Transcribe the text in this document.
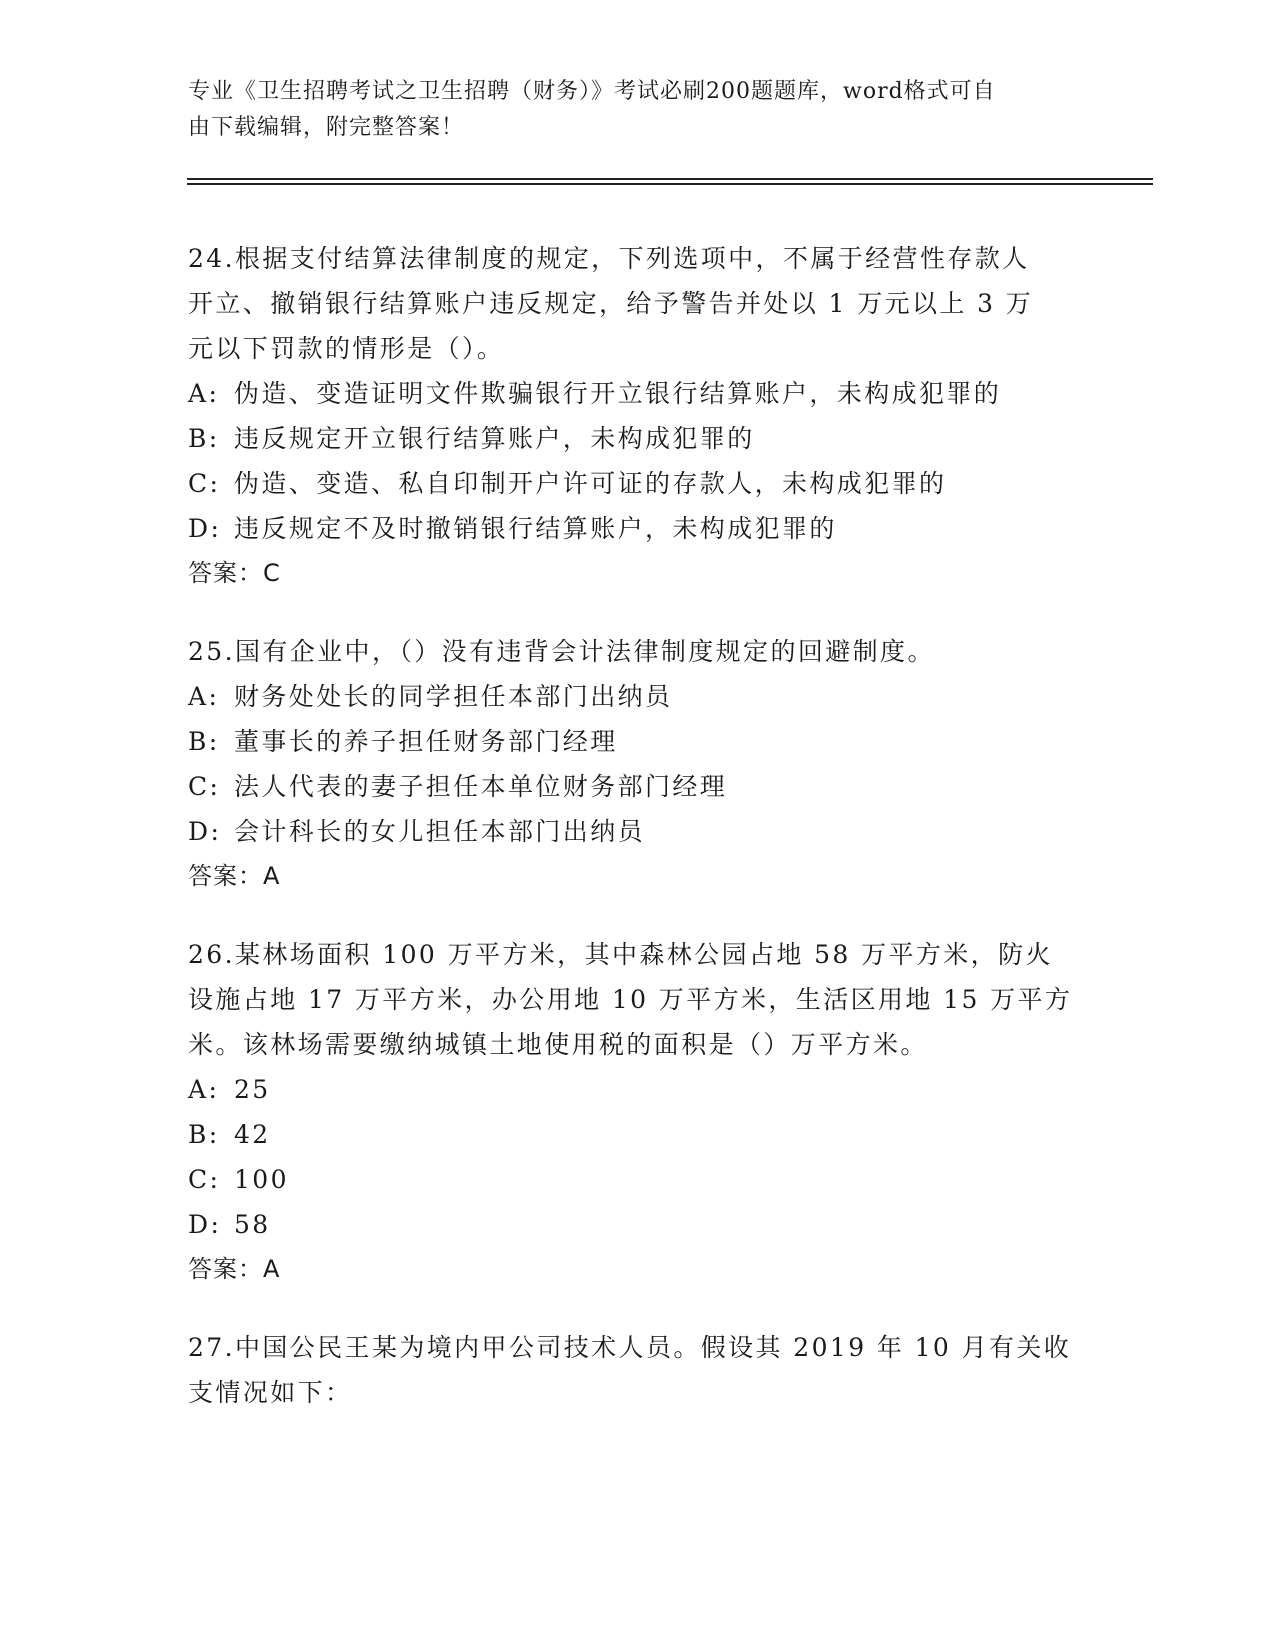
专业《卫生招聘考试之卫生招聘（财务）》考试必刷200题题库，word格式可自
由下载编辑，附完整答案！
24.根据支付结算法律制度的规定，下列选项中，不属于经营性存款人
开立、撤销银行结算账户违反规定，给予警告并处以 1 万元以上 3 万
元以下罚款的情形是（）。
A: 伪造、变造证明文件欺骗银行开立银行结算账户，未构成犯罪的
B: 违反规定开立银行结算账户，未构成犯罪的
C: 伪造、变造、私自印制开户许可证的存款人，未构成犯罪的
D: 违反规定不及时撤销银行结算账户，未构成犯罪的
答案：C
25.国有企业中，（）没有违背会计法律制度规定的回避制度。
A: 财务处处长的同学担任本部门出纳员
B: 董事长的养子担任财务部门经理
C: 法人代表的妻子担任本单位财务部门经理
D: 会计科长的女儿担任本部门出纳员
答案：A
26.某林场面积 100 万平方米，其中森林公园占地 58 万平方米，防火
设施占地 17 万平方米，办公用地 10 万平方米，生活区用地 15 万平方
米。该林场需要缴纳城镇土地使用税的面积是（）万平方米。
A: 25
B: 42
C: 100
D: 58
答案：A
27.中国公民王某为境内甲公司技术人员。假设其 2019 年 10 月有关收
支情况如下：
